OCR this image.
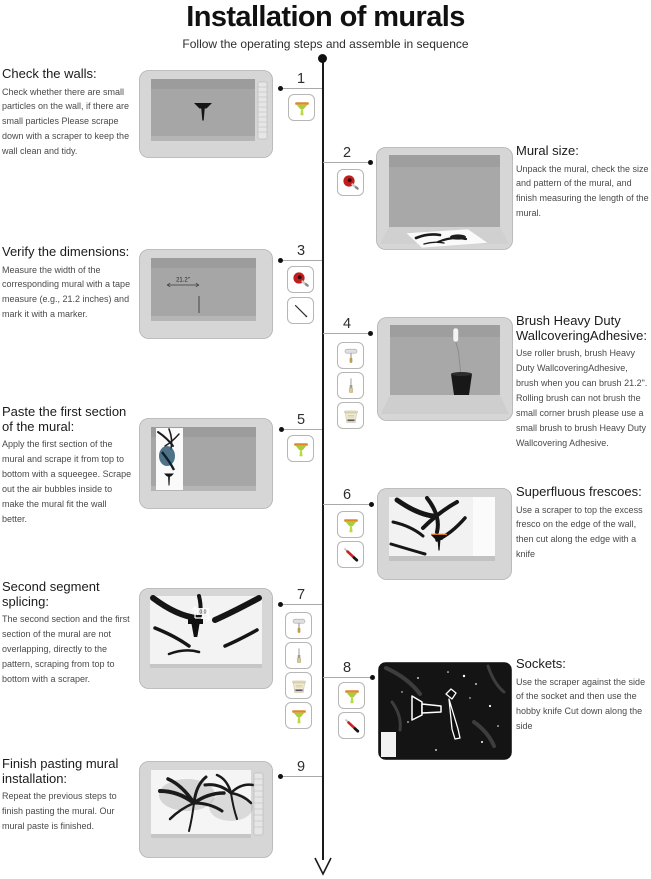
Installation of murals
Follow the operating steps and assemble in sequence
Check the walls:
Check whether there are small particles on the wall, if there are small particles Please scrape down with a scraper to keep the wall clean and tidy.
1
2	Mural size:
Unpack the mural, check the size and pattern of the mural, and finish measuring the length of the mural.
Verify the dimensions:
Measure the width of the corresponding mural with a tape measure (e.g., 21.2 inches) and mark it with a marker.
3
21.2"
4	Brush Heavy Duty WallcoveringAdhesive:
Use roller brush, brush Heavy Duty WallcoveringAdhesive, brush when you can brush 21.2". Rolling brush can not brush the small corner brush please use a small brush to brush Heavy Duty Wallcovering Adhesive.
Paste the first section of the mural:
Apply the first section of the mural and scrape it from top to bottom with a squeegee. Scrape out the air bubbles inside to make the mural fit the wall better.
5
6	Superfluous frescoes:
Use a scraper to top the excess fresco on the edge of the wall, then cut along the edge with a knife
Second segment splicing:
The second section and the first section of the mural are not overlapping, directly to the pattern, scraping from top to bottom with a scraper.
7
0.0
8	Sockets:
Use the scraper against the side of the socket and then use the hobby knife Cut down along the side
Finish pasting mural installation:
Repeat the previous steps to finish pasting the mural. Our mural paste is finished.
9
